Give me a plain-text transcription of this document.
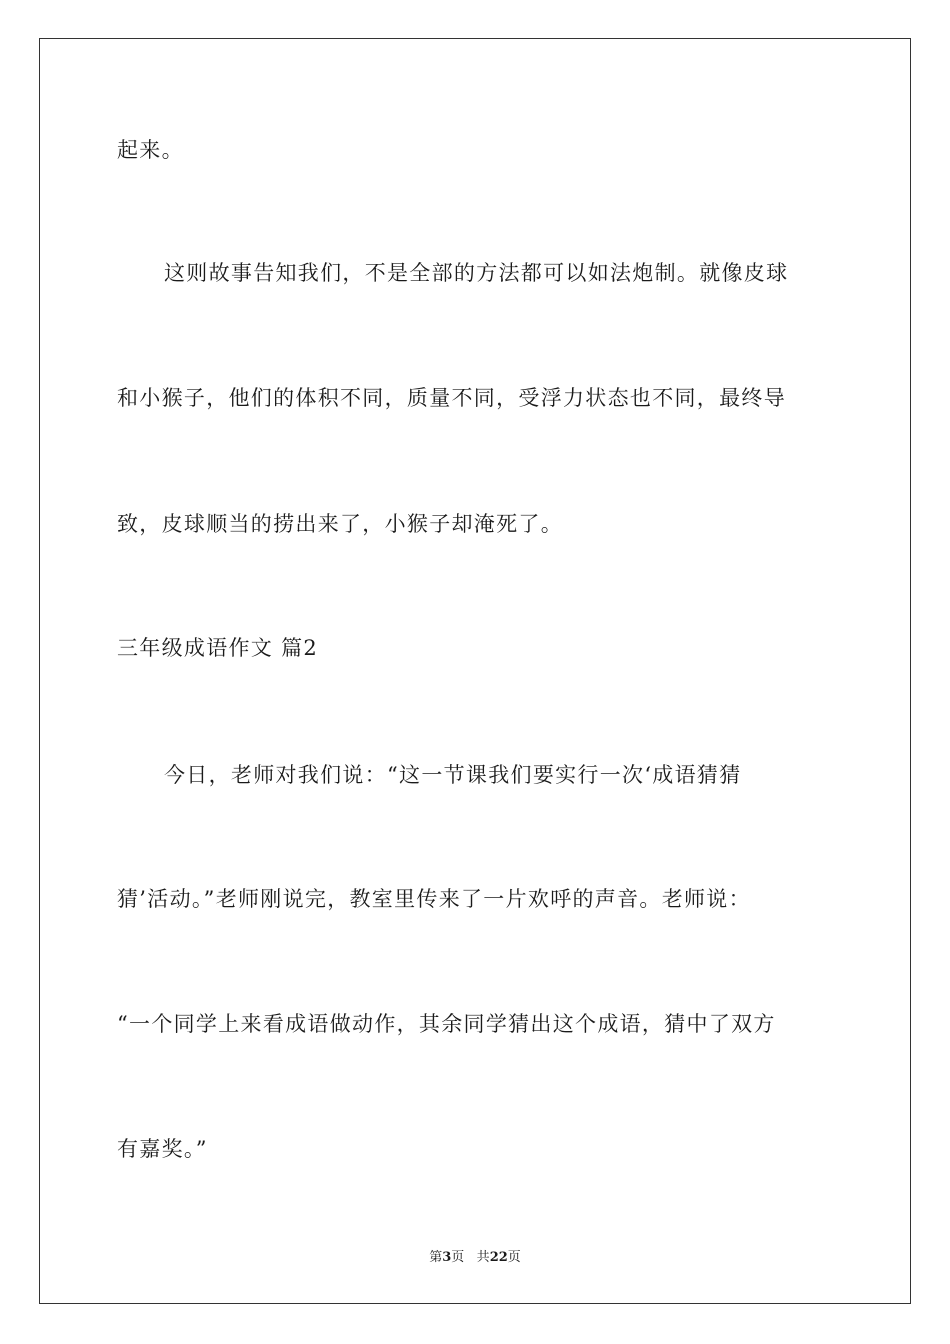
起来。
这则故事告知我们，不是全部的方法都可以如法炮制。就像皮球
和小猴子，他们的体积不同，质量不同，受浮力状态也不同，最终导
致，皮球顺当的捞出来了，小猴子却淹死了。
三年级成语作文 篇2
今日，老师对我们说：“这一节课我们要实行一次‘成语猜猜
猜’活动。”老师刚说完，教室里传来了一片欢呼的声音。老师说：
“一个同学上来看成语做动作，其余同学猜出这个成语，猜中了双方
有嘉奖。”
第3页 共22页
